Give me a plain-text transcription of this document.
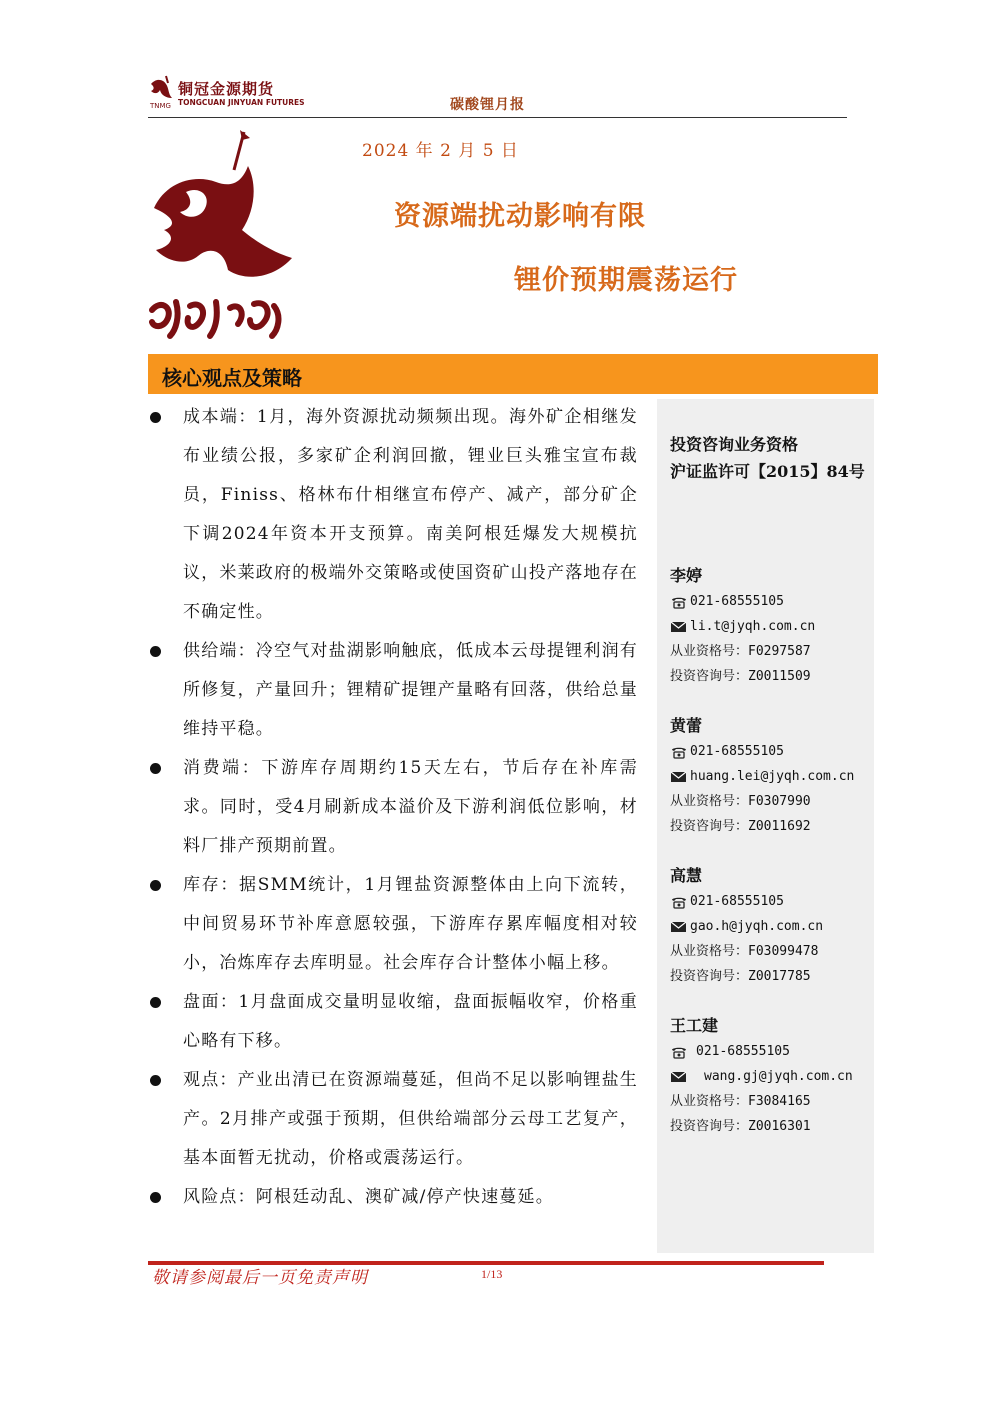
铜冠金源期货
TONGCUAN JINYUAN FUTURES
TNMG	碳酸锂月报
2024 年 2 月 5 日
资源端扰动影响有限
锂价预期震荡运行
核心观点及策略
成本端：1月，海外资源扰动频频出现。海外矿企相继发布业绩公报，多家矿企利润回撤，锂业巨头雅宝宣布裁员，Finiss、格林布什相继宣布停产、减产，部分矿企下调2024年资本开支预算。南美阿根廷爆发大规模抗议，米莱政府的极端外交策略或使国资矿山投产落地存在不确定性。
供给端：冷空气对盐湖影响触底，低成本云母提锂利润有所修复，产量回升；锂精矿提锂产量略有回落，供给总量维持平稳。
消费端：下游库存周期约15天左右，节后存在补库需求。同时，受4月刷新成本溢价及下游利润低位影响，材料厂排产预期前置。
库存：据SMM统计，1月锂盐资源整体由上向下流转，中间贸易环节补库意愿较强，下游库存累库幅度相对较小，冶炼库存去库明显。社会库存合计整体小幅上移。
盘面：1月盘面成交量明显收缩，盘面振幅收窄，价格重心略有下移。
观点：产业出清已在资源端蔓延，但尚不足以影响锂盐生产。2月排产或强于预期，但供给端部分云母工艺复产，基本面暂无扰动，价格或震荡运行。
风险点：阿根廷动乱、澳矿减/停产快速蔓延。
投资咨询业务资格
沪证监许可【2015】84号
李婷
021-68555105
li.t@jyqh.com.cn
从业资格号：F0297587
投资咨询号：Z0011509
黄蕾
021-68555105
huang.lei@jyqh.com.cn
从业资格号：F0307990
投资咨询号：Z0011692
高慧
021-68555105
gao.h@jyqh.com.cn
从业资格号：F03099478
投资咨询号：Z0017785
王工建
021-68555105
wang.gj@jyqh.com.cn
从业资格号：F3084165
投资咨询号：Z0016301
敬请参阅最后一页免责声明	1/13
